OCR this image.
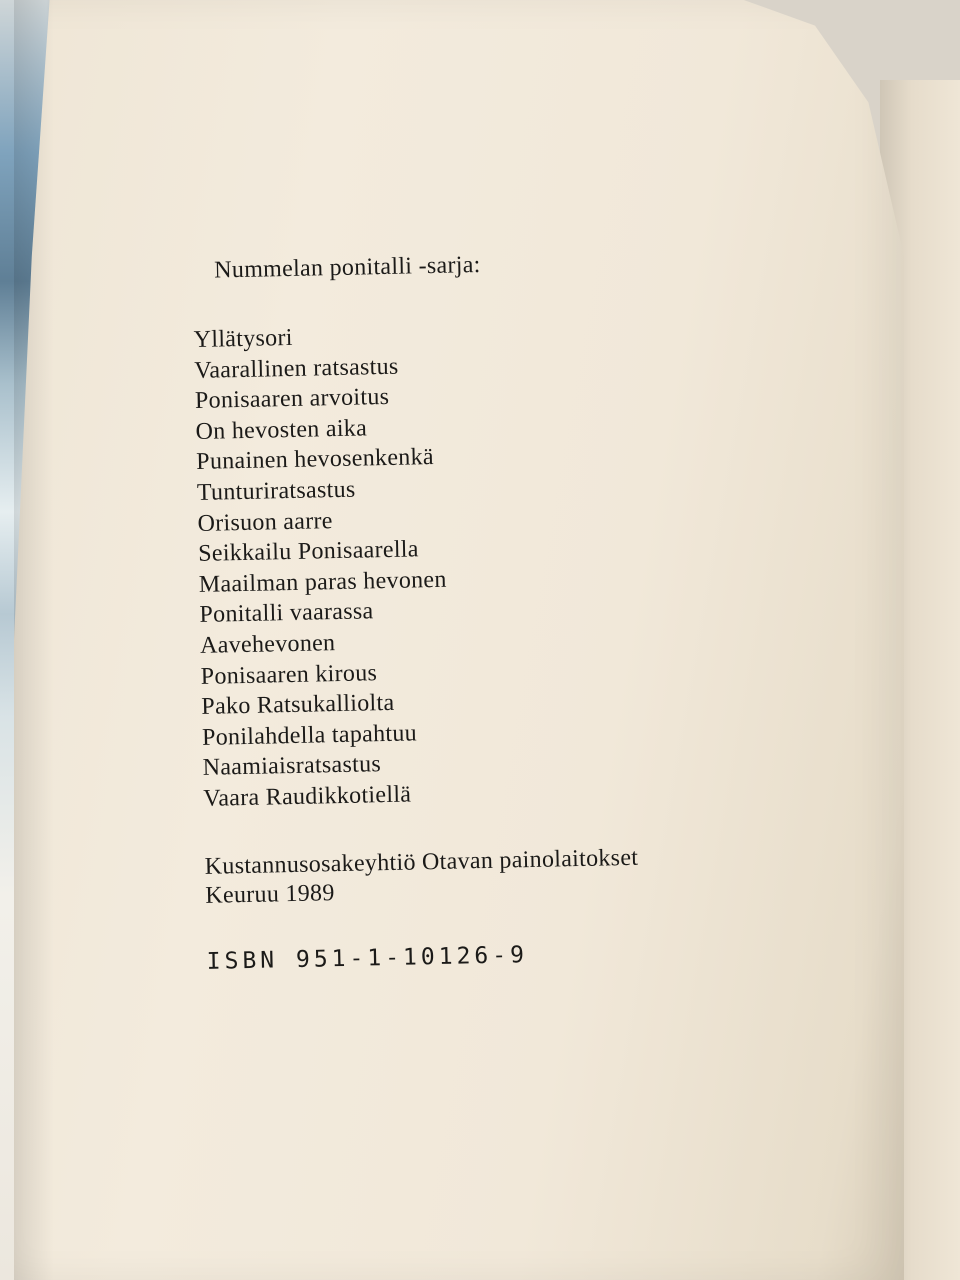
Nummelan ponitalli -sarja:
Yllätysori
Vaarallinen ratsastus
Ponisaaren arvoitus
On hevosten aika
Punainen hevosenkenkä
Tunturiratsastus
Orisuon aarre
Seikkailu Ponisaarella
Maailman paras hevonen
Ponitalli vaarassa
Aavehevonen
Ponisaaren kirous
Pako Ratsukalliolta
Ponilahdella tapahtuu
Naamiaisratsastus
Vaara Raudikkotiellä
Kustannusosakeyhtiö Otavan painolaitokset
Keuruu 1989
ISBN 951-1-10126-9
